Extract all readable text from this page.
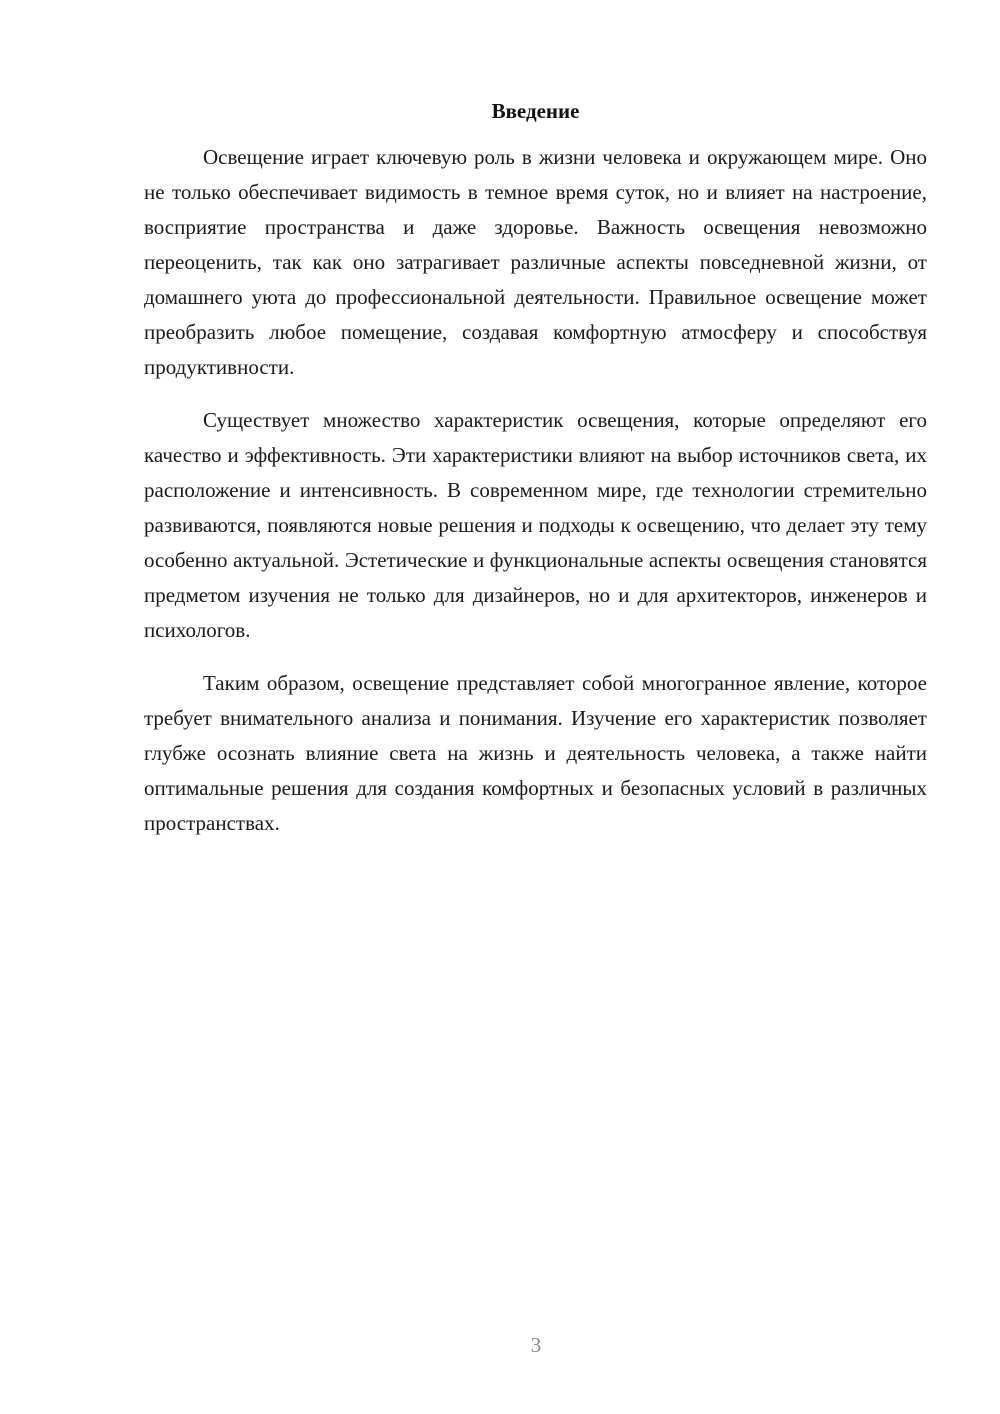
Введение

Освещение играет ключевую роль в жизни человека и окружающем мире. Оно не только обеспечивает видимость в темное время суток, но и влияет на настроение, восприятие пространства и даже здоровье. Важность освещения невозможно переоценить, так как оно затрагивает различные аспекты повседневной жизни, от домашнего уюта до профессиональной деятельности. Правильное освещение может преобразить любое помещение, создавая комфортную атмосферу и способствуя продуктивности.

Существует множество характеристик освещения, которые определяют его качество и эффективность. Эти характеристики влияют на выбор источников света, их расположение и интенсивность. В современном мире, где технологии стремительно развиваются, появляются новые решения и подходы к освещению, что делает эту тему особенно актуальной. Эстетические и функциональные аспекты освещения становятся предметом изучения не только для дизайнеров, но и для архитекторов, инженеров и психологов.

Таким образом, освещение представляет собой многогранное явление, которое требует внимательного анализа и понимания. Изучение его характеристик позволяет глубже осознать влияние света на жизнь и деятельность человека, а также найти оптимальные решения для создания комфортных и безопасных условий в различных пространствах.

3
